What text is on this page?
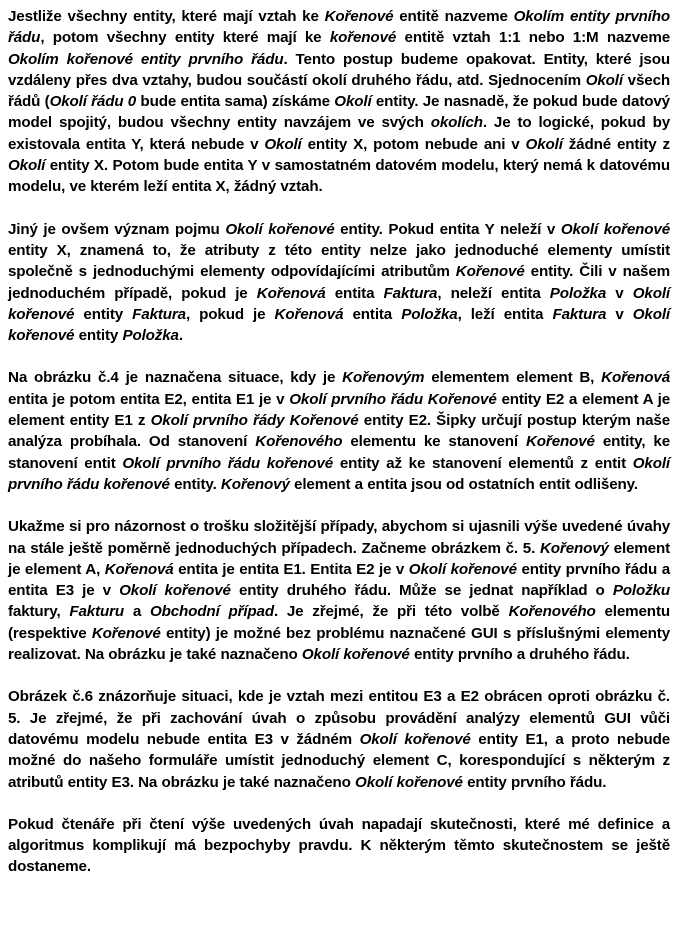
Jestliže všechny entity, které mají vztah ke Kořenové entitě nazveme Okolím entity prvního řádu, potom všechny entity které mají ke kořenové entitě vztah 1:1 nebo 1:M nazveme Okolím kořenové entity prvního řádu. Tento postup budeme opakovat. Entity, které jsou vzdáleny přes dva vztahy, budou součástí okolí druhého řádu, atd. Sjednocením Okolí všech řádů (Okolí řádu 0 bude entita sama) získáme Okolí entity. Je nasnadě, že pokud bude datový model spojitý, budou všechny entity navzájem ve svých okolích. Je to logické, pokud by existovala entita Y, která nebude v Okolí entity X, potom nebude ani v Okolí žádné entity z Okolí entity X. Potom bude entita Y v samostatném datovém modelu, který nemá k datovému modelu, ve kterém leží entita X, žádný vztah.

Jiný je ovšem význam pojmu Okolí kořenové entity. Pokud entita Y neleží v Okolí kořenové entity X, znamená to, že atributy z této entity nelze jako jednoduché elementy umístit společně s jednoduchými elementy odpovídajícími atributům Kořenové entity. Čili v našem jednoduchém případě, pokud je Kořenová entita Faktura, neleží entita Položka v Okolí kořenové entity Faktura, pokud je Kořenová entita Položka, leží entita Faktura v Okolí kořenové entity Položka.

Na obrázku č.4 je naznačena situace, kdy je Kořenovým elementem element B, Kořenová entita je potom entita E2, entita E1 je v Okolí prvního řádu Kořenové entity E2 a element A je element entity E1 z Okolí prvního řády Kořenové entity E2. Šipky určují postup kterým naše analýza probíhala. Od stanovení Kořenového elementu ke stanovení Kořenové entity, ke stanovení entit Okolí prvního řádu kořenové entity až ke stanovení elementů z entit Okolí prvního řádu kořenové entity. Kořenový element a entita jsou od ostatních entit odlišeny.

Ukažme si pro názornost o trošku složitější případy, abychom si ujasnili výše uvedené úvahy na stále ještě poměrně jednoduchých případech. Začneme obrázkem č. 5. Kořenový element je element A, Kořenová entita je entita E1. Entita E2 je v Okolí kořenové entity prvního řádu a entita E3 je v Okolí kořenové entity druhého řádu. Může se jednat například o Položku faktury, Fakturu a Obchodní případ. Je zřejmé, že při této volbě Kořenového elementu (respektive Kořenové entity) je možné bez problému naznačené GUI s příslušnými elementy realizovat. Na obrázku je také naznačeno Okolí kořenové entity prvního a druhého řádu.

Obrázek č.6 znázorňuje situaci, kde je vztah mezi entitou E3 a E2 obrácen oproti obrázku č. 5. Je zřejmé, že při zachování úvah o způsobu provádění analýzy elementů GUI vůči datovému modelu nebude entita E3 v žádném Okolí kořenové entity E1, a proto nebude možné do našeho formuláře umístit jednoduchý element C, korespondující s některým z atributů entity E3. Na obrázku je také naznačeno Okolí kořenové entity prvního řádu.

Pokud čtenáře při čtení výše uvedených úvah napadají skutečnosti, které mé definice a algoritmus komplikují má bezpochyby pravdu. K některým těmto skutečnostem se ještě dostaneme.
